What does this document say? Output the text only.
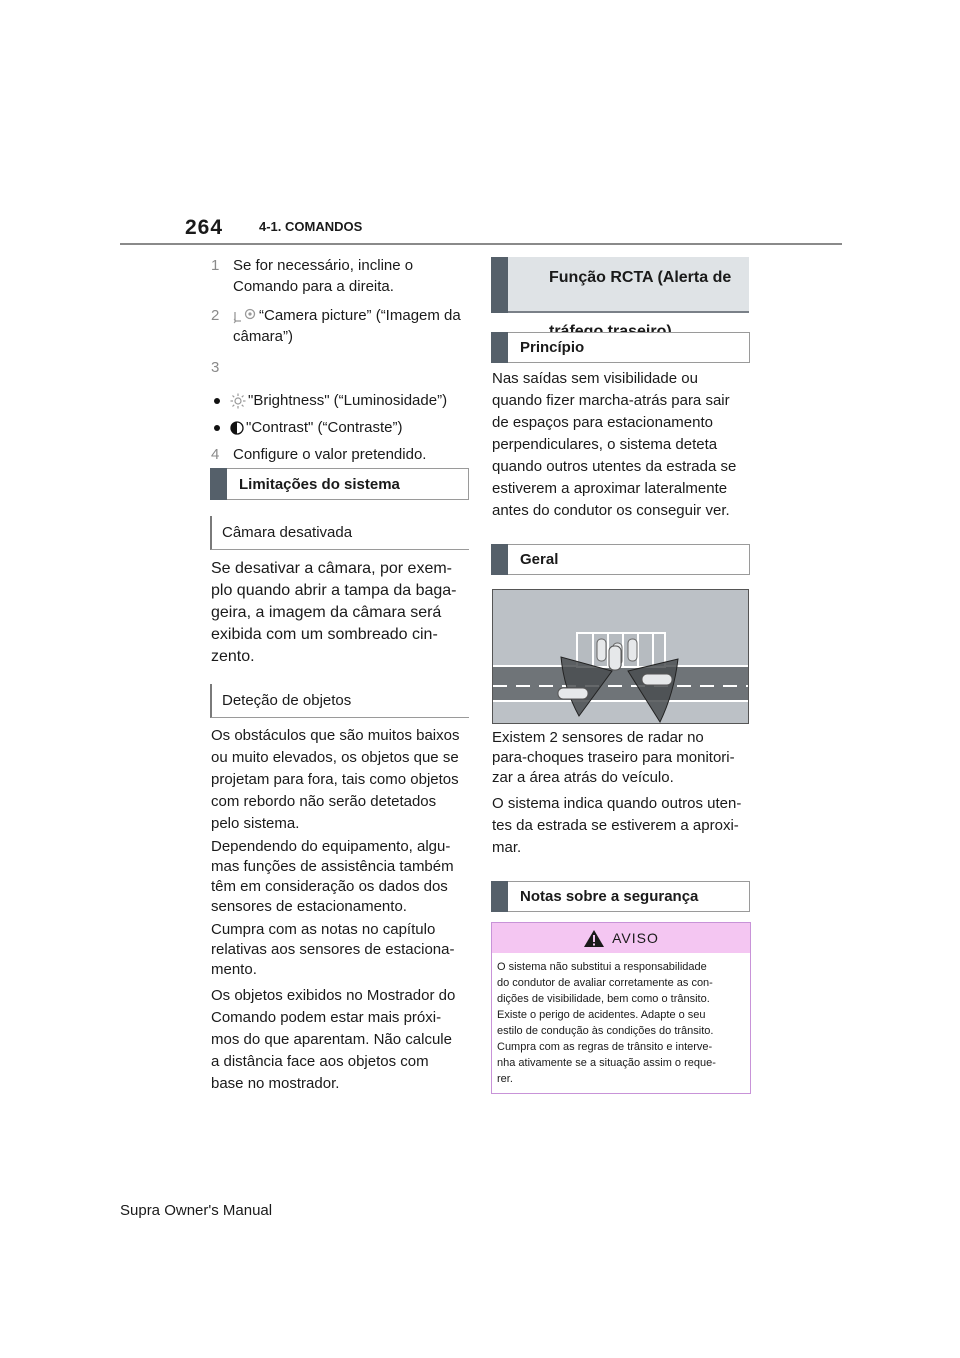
264	4-1. COMANDOS
1 Se for necessário, incline o
Comando para a direita.
2	“Camera picture” (“Imagem da
câmara”)
3
"Brightness" (“Luminosidade”)
"Contrast" (“Contraste”)
4 Configure o valor pretendido.
Limitações do sistema
Câmara desativada
Se desativar a câmara, por exem-
plo quando abrir a tampa da baga-
geira, a imagem da câmara será
exibida com um sombreado cin-
zento.
Deteção de objetos
Os obstáculos que são muitos baixos
ou muito elevados, os objetos que se
projetam para fora, tais como objetos
com rebordo não serão detetados
pelo sistema.
Dependendo do equipamento, algu-
mas funções de assistência também
têm em consideração os dados dos
sensores de estacionamento.
Cumpra com as notas no capítulo
relativas aos sensores de estaciona-
mento.
Os objetos exibidos no Mostrador do
Comando podem estar mais próxi-
mos do que aparentam. Não calcule
a distância face aos objetos com
base no mostrador.
Função RCTA (Alerta de

Princípio
Nas saídas sem visibilidade ou
quando fizer marcha-atrás para sair
de espaços para estacionamento
perpendiculares, o sistema deteta
quando outros utentes da estrada se
estiverem a aproximar lateralmente
antes do condutor os conseguir ver.
Geral
Existem 2 sensores de radar no
para-choques traseiro para monitori-
zar a área atrás do veículo.
O sistema indica quando outros uten-
tes da estrada se estiverem a aproxi-
mar.
Notas sobre a segurança
AVISO
O sistema não substitui a responsabilidade
do condutor de avaliar corretamente as con-
dições de visibilidade, bem como o trânsito.
Existe o perigo de acidentes. Adapte o seu
estilo de condução às condições do trânsito.
Cumpra com as regras de trânsito e interve-
nha ativamente se a situação assim o reque-
rer.
Supra Owner's Manual
